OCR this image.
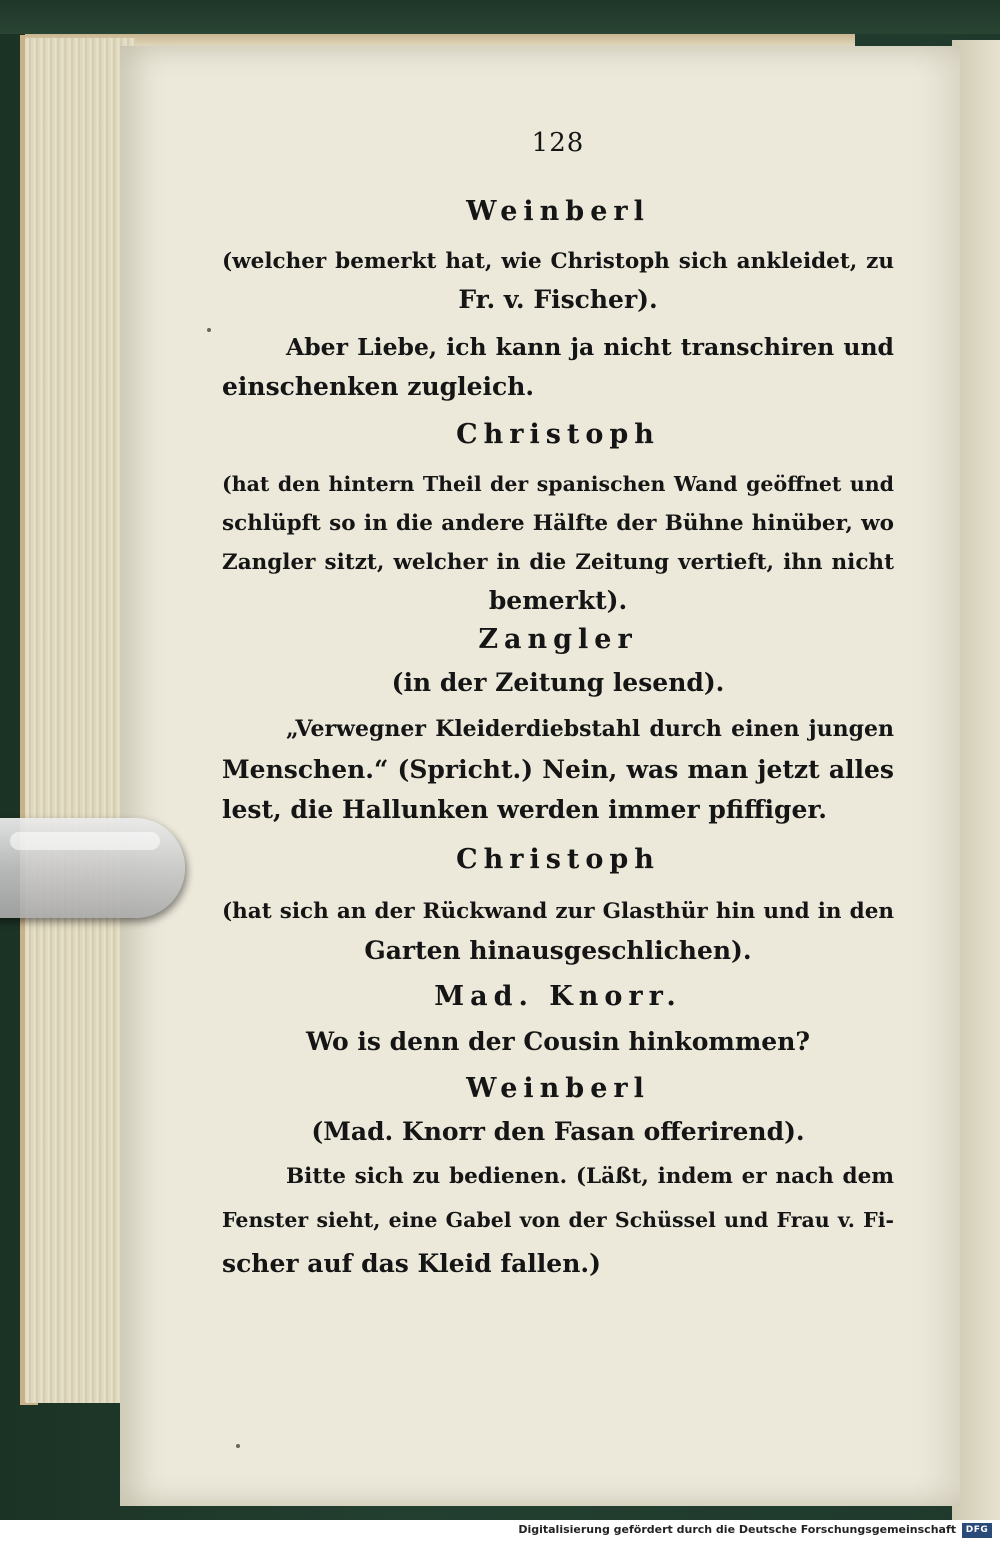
128
Weinberl
(welcher bemerkt hat, wie Christoph sich ankleidet, zu
Fr. v. Fischer).
Aber Liebe, ich kann ja nicht transchiren und
einschenken zugleich.
Christoph
(hat den hintern Theil der spanischen Wand geöffnet und
schlüpft so in die andere Hälfte der Bühne hinüber, wo
Zangler sitzt, welcher in die Zeitung vertieft, ihn nicht
bemerkt).
Zangler
(in der Zeitung lesend).
„Verwegner Kleiderdiebstahl durch einen jungen
Menschen.“ (Spricht.) Nein, was man jetzt alles
lest, die Hallunken werden immer pfiffiger.
Christoph
(hat sich an der Rückwand zur Glasthür hin und in den
Garten hinausgeschlichen).
Mad. Knorr.
Wo is denn der Cousin hinkommen?
Weinberl
(Mad. Knorr den Fasan offerirend).
Bitte sich zu bedienen. (Läßt, indem er nach dem
Fenster sieht, eine Gabel von der Schüssel und Frau v. Fi-
scher auf das Kleid fallen.)
Digitalisierung gefördert durch die Deutsche Forschungsgemeinschaft	DFG
